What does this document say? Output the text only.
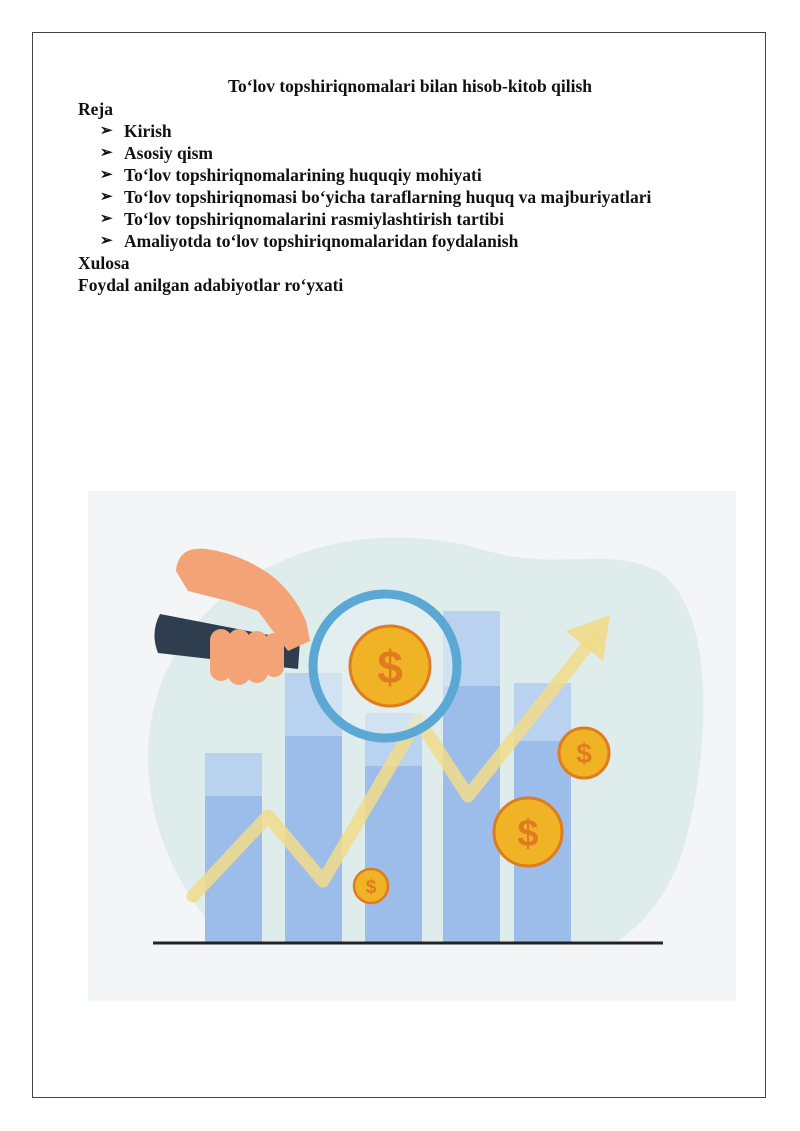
To‘lov topshiriqnomalari bilan hisob-kitob qilish

Reja

➢ Kirish
➢ Asosiy qism
➢ To‘lov topshiriqnomalarining huquqiy mohiyati
➢ To‘lov topshiriqnomasi bo‘yicha taraflarning huquq va majburiyatlari
➢ To‘lov topshiriqnomalarini rasmiylashtirish tartibi
➢ Amaliyotda to‘lov topshiriqnomalaridan foydalanish

Xulosa

Foydal anilgan adabiyotlar ro‘yxati

$
$
$
$
